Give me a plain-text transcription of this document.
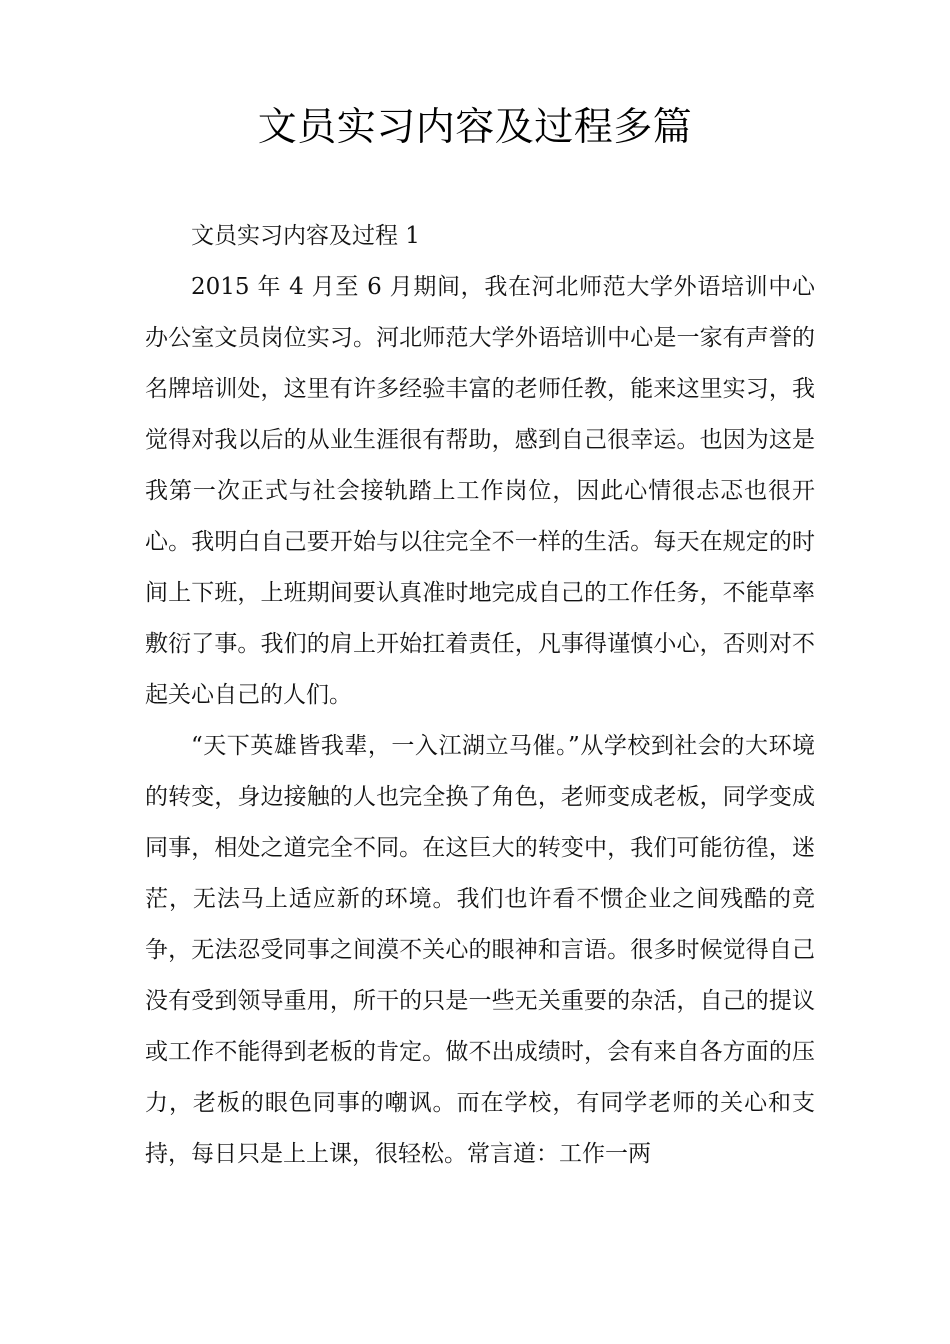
文员实习内容及过程多篇

文员实习内容及过程 1

2015 年 4 月至 6 月期间，我在河北师范大学外语培训中心办公室文员岗位实习。河北师范大学外语培训中心是一家有声誉的名牌培训处，这里有许多经验丰富的老师任教，能来这里实习，我觉得对我以后的从业生涯很有帮助，感到自己很幸运。也因为这是我第一次正式与社会接轨踏上工作岗位，因此心情很忐忑也很开心。我明白自己要开始与以往完全不一样的生活。每天在规定的时间上下班，上班期间要认真准时地完成自己的工作任务，不能草率敷衍了事。我们的肩上开始扛着责任，凡事得谨慎小心，否则对不起关心自己的人们。

“天下英雄皆我辈，一入江湖立马催。”从学校到社会的大环境的转变，身边接触的人也完全换了角色，老师变成老板，同学变成同事，相处之道完全不同。在这巨大的转变中，我们可能彷徨，迷茫，无法马上适应新的环境。我们也许看不惯企业之间残酷的竞争，无法忍受同事之间漠不关心的眼神和言语。很多时候觉得自己没有受到领导重用，所干的只是一些无关重要的杂活，自己的提议或工作不能得到老板的肯定。做不出成绩时，会有来自各方面的压力，老板的眼色同事的嘲讽。而在学校，有同学老师的关心和支持，每日只是上上课，很轻松。常言道：工作一两
